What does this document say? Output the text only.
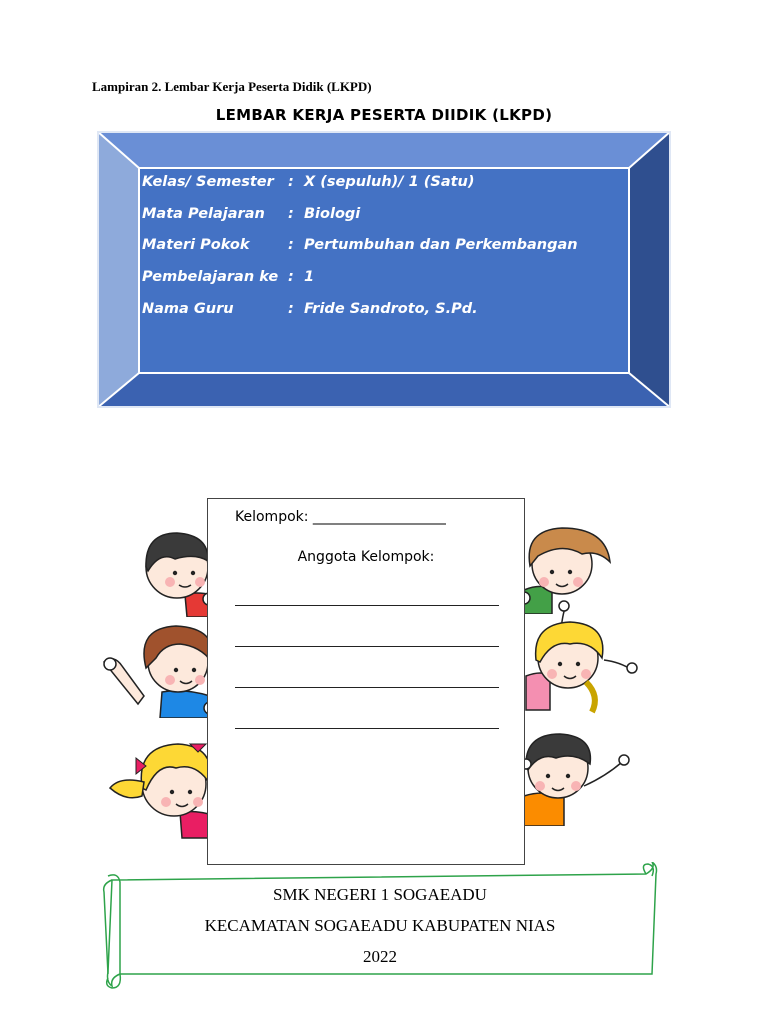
Lampiran 2. Lembar Kerja Peserta Didik (LKPD)
LEMBAR KERJA PESERTA DIIDIK (LKPD)
Kelas/ Semester : X (sepuluh)/ 1 (Satu)
Mata Pelajaran : Biologi
Materi Pokok	: Pertumbuhan dan Perkembangan
Pembelajaran ke : 1
Nama Guru	: Fride Sandroto, S.Pd.
Kelompok: ___________________
Anggota Kelompok:
SMK NEGERI 1 SOGAEADU
KECAMATAN SOGAEADU KABUPATEN NIAS
2022
